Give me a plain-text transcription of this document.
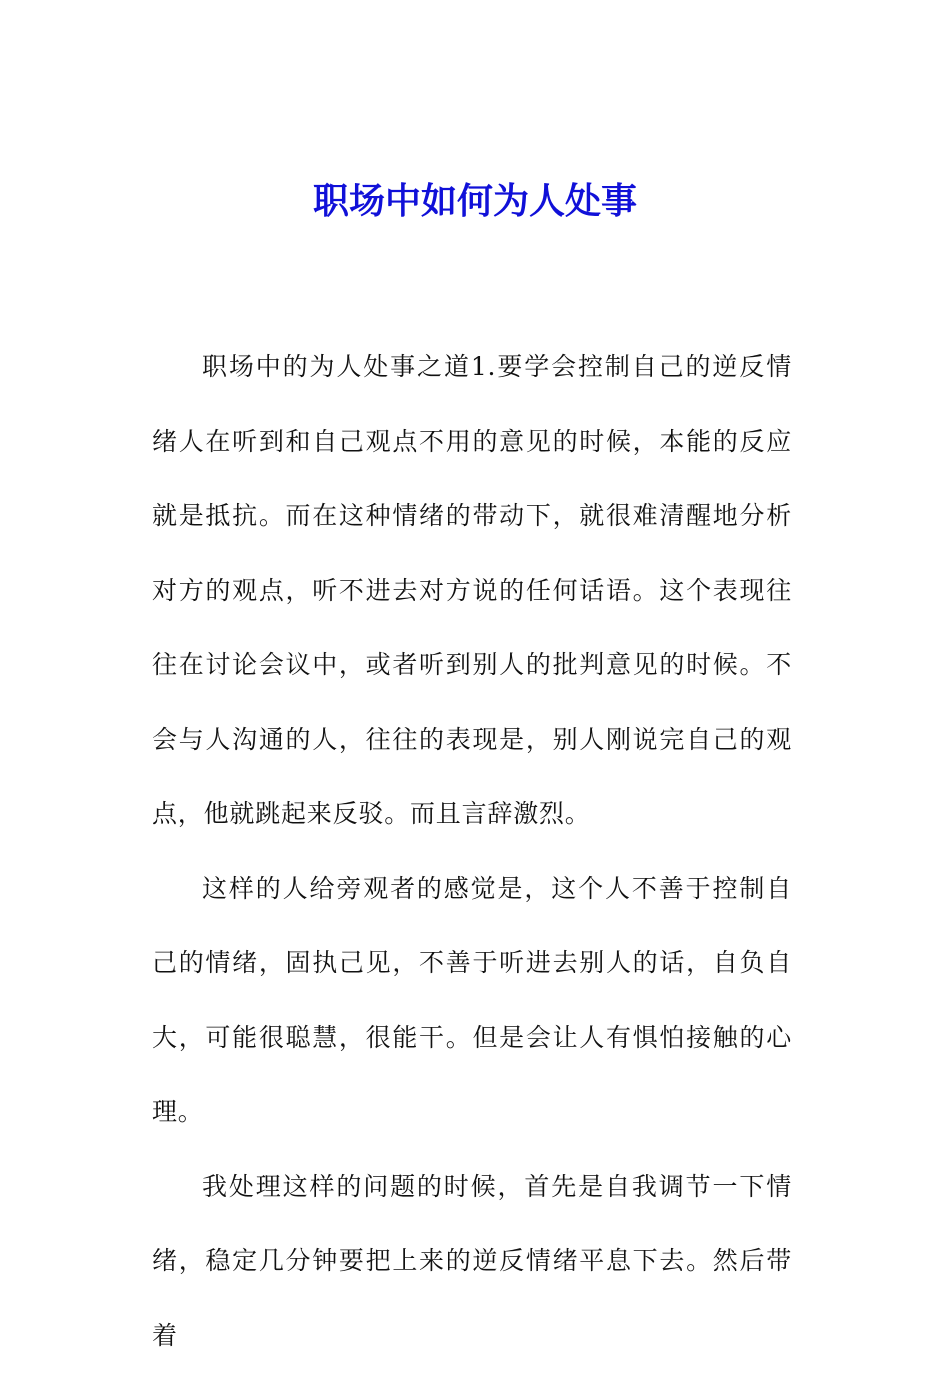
职场中如何为人处事

职场中的为人处事之道1.要学会控制自己的逆反情绪人在听到和自己观点不用的意见的时候，本能的反应就是抵抗。而在这种情绪的带动下，就很难清醒地分析对方的观点，听不进去对方说的任何话语。这个表现往往在讨论会议中，或者听到别人的批判意见的时候。不会与人沟通的人，往往的表现是，别人刚说完自己的观点，他就跳起来反驳。而且言辞激烈。

这样的人给旁观者的感觉是，这个人不善于控制自己的情绪，固执己见，不善于听进去别人的话，自负自大，可能很聪慧，很能干。但是会让人有惧怕接触的心理。

我处理这样的问题的时候，首先是自我调节一下情绪，稳定几分钟要把上来的逆反情绪平息下去。然后带着
